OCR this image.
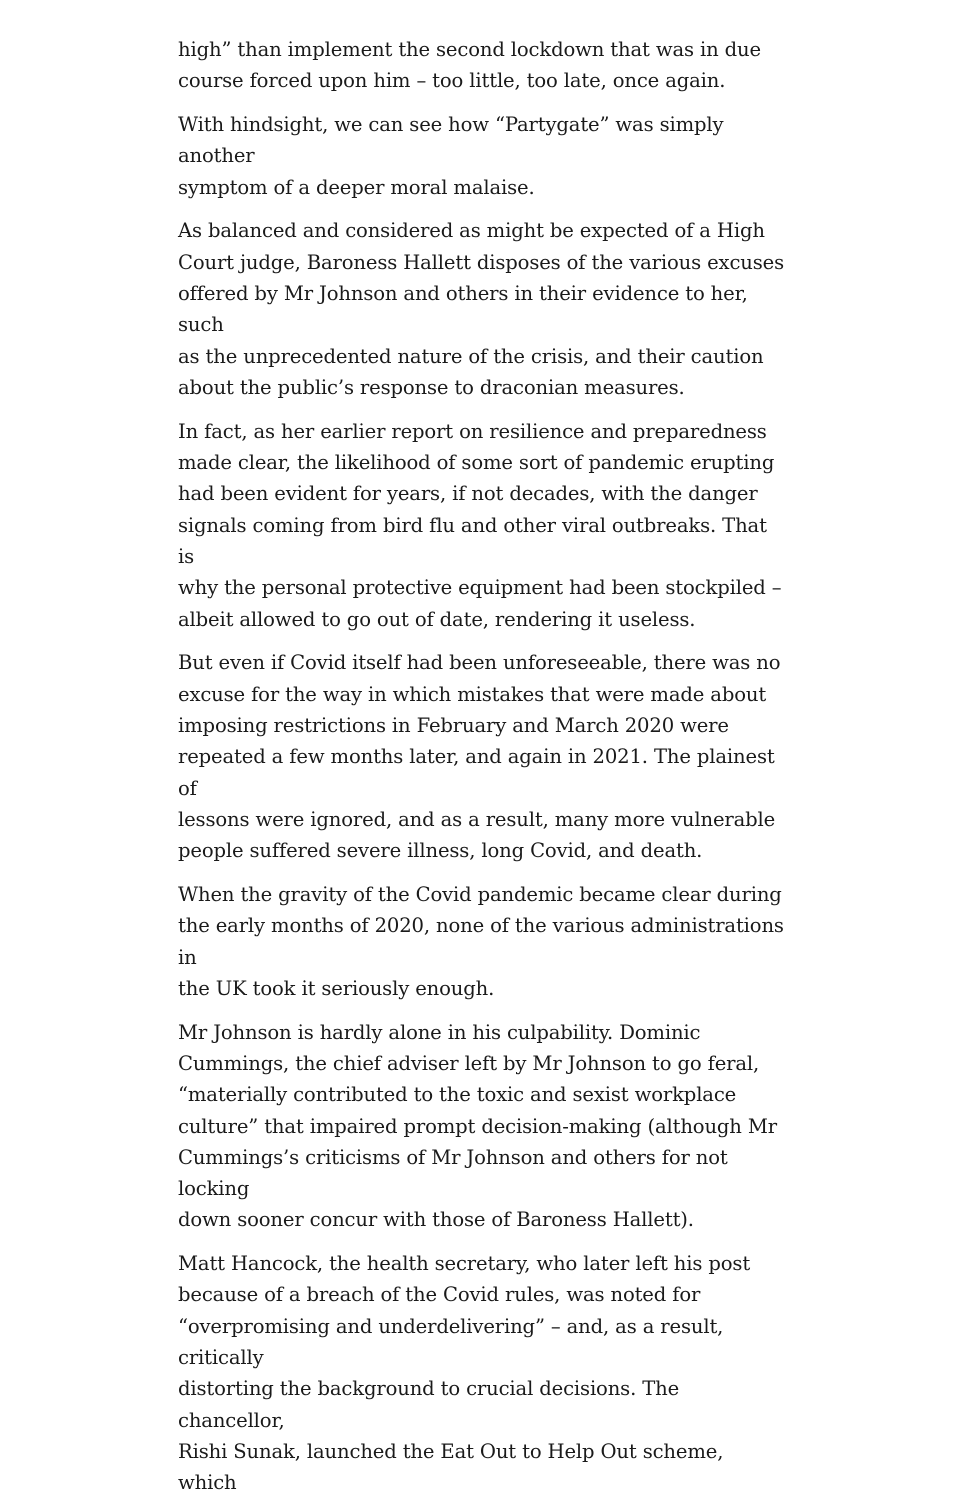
high” than implement the second lockdown that was in due
course forced upon him – too little, too late, once again.

With hindsight, we can see how “Partygate” was simply another
symptom of a deeper moral malaise.

As balanced and considered as might be expected of a High
Court judge, Baroness Hallett disposes of the various excuses
offered by Mr Johnson and others in their evidence to her, such
as the unprecedented nature of the crisis, and their caution
about the public’s response to draconian measures.

In fact, as her earlier report on resilience and preparedness
made clear, the likelihood of some sort of pandemic erupting
had been evident for years, if not decades, with the danger
signals coming from bird flu and other viral outbreaks. That is
why the personal protective equipment had been stockpiled –
albeit allowed to go out of date, rendering it useless.

But even if Covid itself had been unforeseeable, there was no
excuse for the way in which mistakes that were made about
imposing restrictions in February and March 2020 were
repeated a few months later, and again in 2021. The plainest of
lessons were ignored, and as a result, many more vulnerable
people suffered severe illness, long Covid, and death.

When the gravity of the Covid pandemic became clear during
the early months of 2020, none of the various administrations in
the UK took it seriously enough.

Mr Johnson is hardly alone in his culpability. Dominic
Cummings, the chief adviser left by Mr Johnson to go feral,
“materially contributed to the toxic and sexist workplace
culture” that impaired prompt decision-making (although Mr
Cummings’s criticisms of Mr Johnson and others for not locking
down sooner concur with those of Baroness Hallett).

Matt Hancock, the health secretary, who later left his post
because of a breach of the Covid rules, was noted for
“overpromising and underdelivering” – and, as a result, critically
distorting the background to crucial decisions. The chancellor,
Rishi Sunak, launched the Eat Out to Help Out scheme, which
